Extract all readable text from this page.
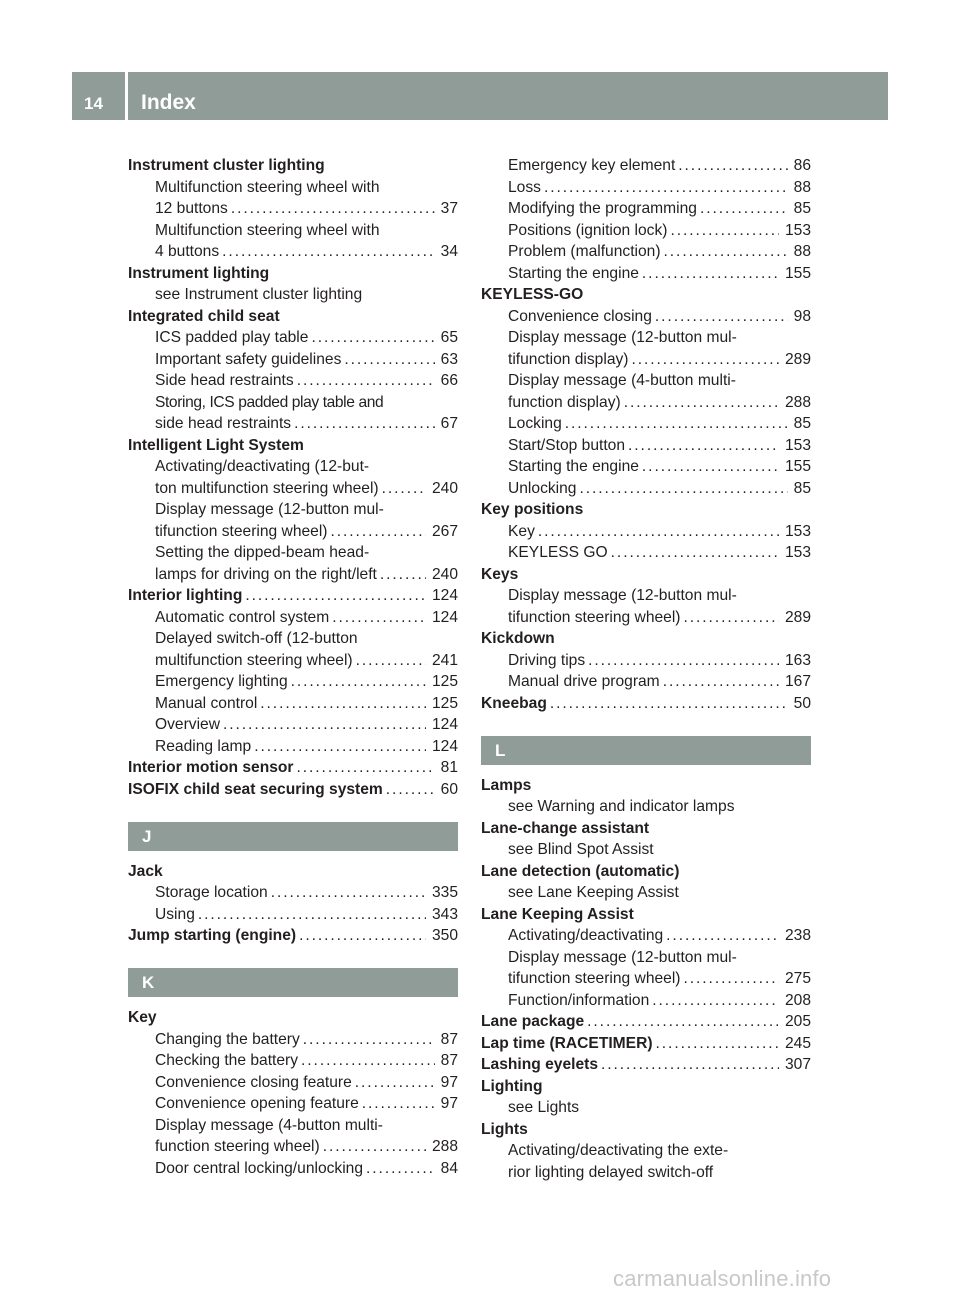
14	Index
Instrument cluster lighting
Multifunction steering wheel with
12 buttons . . .	37
Multifunction steering wheel with
4 buttons . . .	34
Instrument lighting
see Instrument cluster lighting
Integrated child seat
ICS padded play table . . .	65
Important safety guidelines . . .	63
Side head restraints . . .	66
Storing, ICS padded play table and
side head restraints . . .	67
Intelligent Light System
Activating/deactivating (12-but-
ton multifunction steering wheel) . . .	240
Display message (12-button mul-
tifunction steering wheel) . . .	267
Setting the dipped-beam head-
lamps for driving on the right/left . . .	240
Interior lighting . . .	124
Automatic control system . . .	124
Delayed switch-off (12-button
multifunction steering wheel) . . .	241
Emergency lighting . . .	125
Manual control . . .	125
Overview . . .	124
Reading lamp . . .	124
Interior motion sensor . . .	81
ISOFIX child seat securing system . . .	60
J
Jack
Storage location . . .	335
Using . . .	343
Jump starting (engine) . . .	350
K
Key
Changing the battery . . .	87
Checking the battery . . .	87
Convenience closing feature . . .	97
Convenience opening feature . . .	97
Display message (4-button multi-
function steering wheel) . . .	288
Door central locking/unlocking . . .	84
Emergency key element . . .	86
Loss . . .	88
Modifying the programming . . .	85
Positions (ignition lock) . . .	153
Problem (malfunction) . . .	88
Starting the engine . . .	155
KEYLESS-GO
Convenience closing . . .	98
Display message (12-button mul-
tifunction display) . . .	289
Display message (4-button multi-
function display) . . .	288
Locking . . .	85
Start/Stop button . . .	153
Starting the engine . . .	155
Unlocking . . .	85
Key positions
Key . . .	153
KEYLESS GO . . .	153
Keys
Display message (12-button mul-
tifunction steering wheel) . . .	289
Kickdown
Driving tips . . .	163
Manual drive program . . .	167
Kneebag . . .	50
L
Lamps
see Warning and indicator lamps
Lane-change assistant
see Blind Spot Assist
Lane detection (automatic)
see Lane Keeping Assist
Lane Keeping Assist
Activating/deactivating . . .	238
Display message (12-button mul-
tifunction steering wheel) . . .	275
Function/information . . .	208
Lane package . . .	205
Lap time (RACETIMER) . . .	245
Lashing eyelets . . .	307
Lighting
see Lights
Lights
Activating/deactivating the exte-
rior lighting delayed switch-off
carmanualsonline.info
